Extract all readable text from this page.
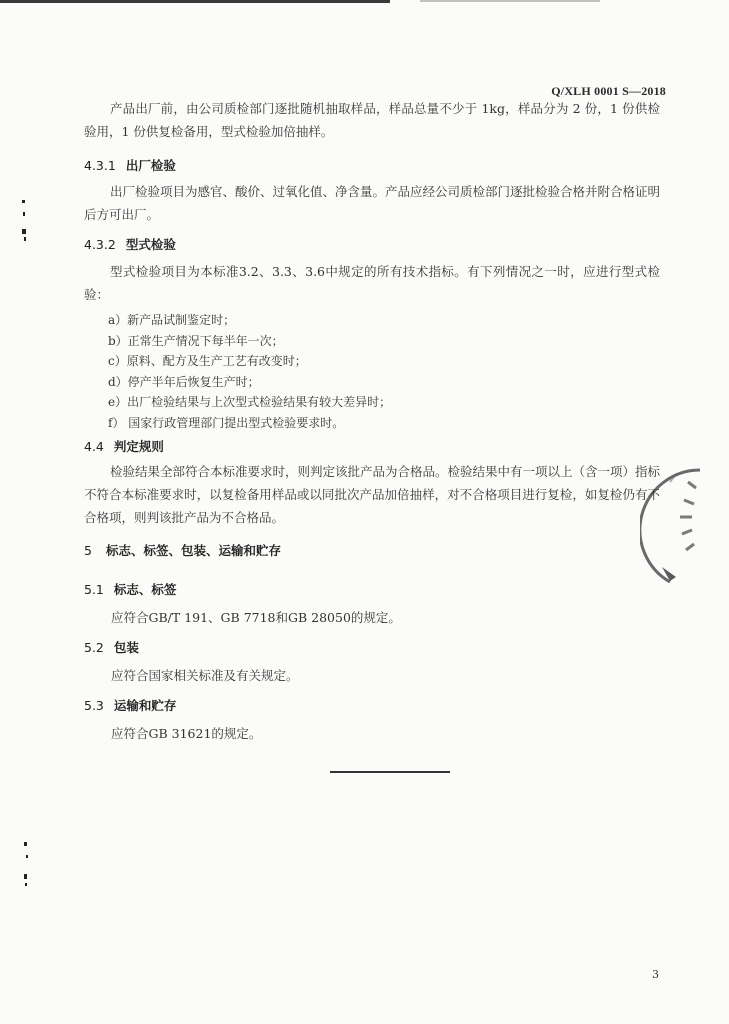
Q/XLH 0001 S—2018

产品出厂前，由公司质检部门逐批随机抽取样品，样品总量不少于 1kg，样品分为 2 份，1 份供检验用，1 份供复检备用，型式检验加倍抽样。

4.3.1 出厂检验

出厂检验项目为感官、酸价、过氧化值、净含量。产品应经公司质检部门逐批检验合格并附合格证明后方可出厂。

4.3.2 型式检验

型式检验项目为本标准3.2、3.3、3.6中规定的所有技术指标。有下列情况之一时，应进行型式检验：

a）新产品试制鉴定时；
b）正常生产情况下每半年一次；
c）原料、配方及生产工艺有改变时；
d）停产半年后恢复生产时；
e）出厂检验结果与上次型式检验结果有较大差异时；
f） 国家行政管理部门提出型式检验要求时。
4.4 判定规则

检验结果全部符合本标准要求时，则判定该批产品为合格品。检验结果中有一项以上（含一项）指标不符合本标准要求时，以复检备用样品或以同批次产品加倍抽样，对不合格项目进行复检，如复检仍有不合格项，则判该批产品为不合格品。

5 标志、标签、包装、运输和贮存
5.1 标志、标签
应符合GB/T 191、GB 7718和GB 28050的规定。
5.2 包装
应符合国家相关标准及有关规定。
5.3 运输和贮存
应符合GB 31621的规定。
3
